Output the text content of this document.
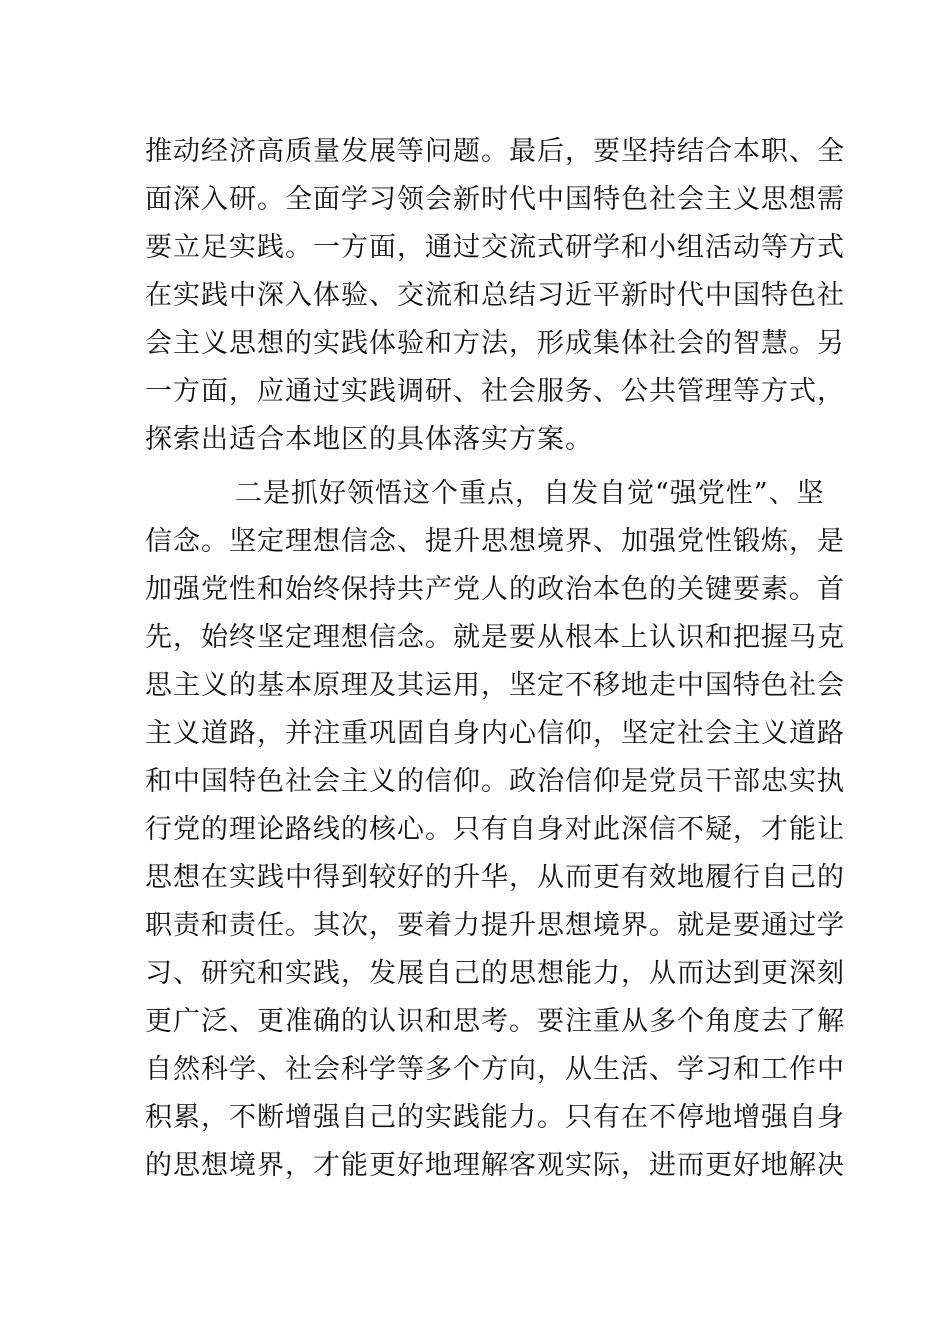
推动经济高质量发展等问题。最后，要坚持结合本职、全
面深入研。全面学习领会新时代中国特色社会主义思想需
要立足实践。一方面，通过交流式研学和小组活动等方式
在实践中深入体验、交流和总结习近平新时代中国特色社
会主义思想的实践体验和方法，形成集体社会的智慧。另
一方面，应通过实践调研、社会服务、公共管理等方式，
探索出适合本地区的具体落实方案。
二是抓好领悟这个重点，自发自觉“强党性”、坚
信念。坚定理想信念、提升思想境界、加强党性锻炼，是
加强党性和始终保持共产党人的政治本色的关键要素。首
先，始终坚定理想信念。就是要从根本上认识和把握马克
思主义的基本原理及其运用，坚定不移地走中国特色社会
主义道路，并注重巩固自身内心信仰，坚定社会主义道路
和中国特色社会主义的信仰。政治信仰是党员干部忠实执
行党的理论路线的核心。只有自身对此深信不疑，才能让
思想在实践中得到较好的升华，从而更有效地履行自己的
职责和责任。其次，要着力提升思想境界。就是要通过学
习、研究和实践，发展自己的思想能力，从而达到更深刻
更广泛、更准确的认识和思考。要注重从多个角度去了解
自然科学、社会科学等多个方向，从生活、学习和工作中
积累，不断增强自己的实践能力。只有在不停地增强自身
的思想境界，才能更好地理解客观实际，进而更好地解决
